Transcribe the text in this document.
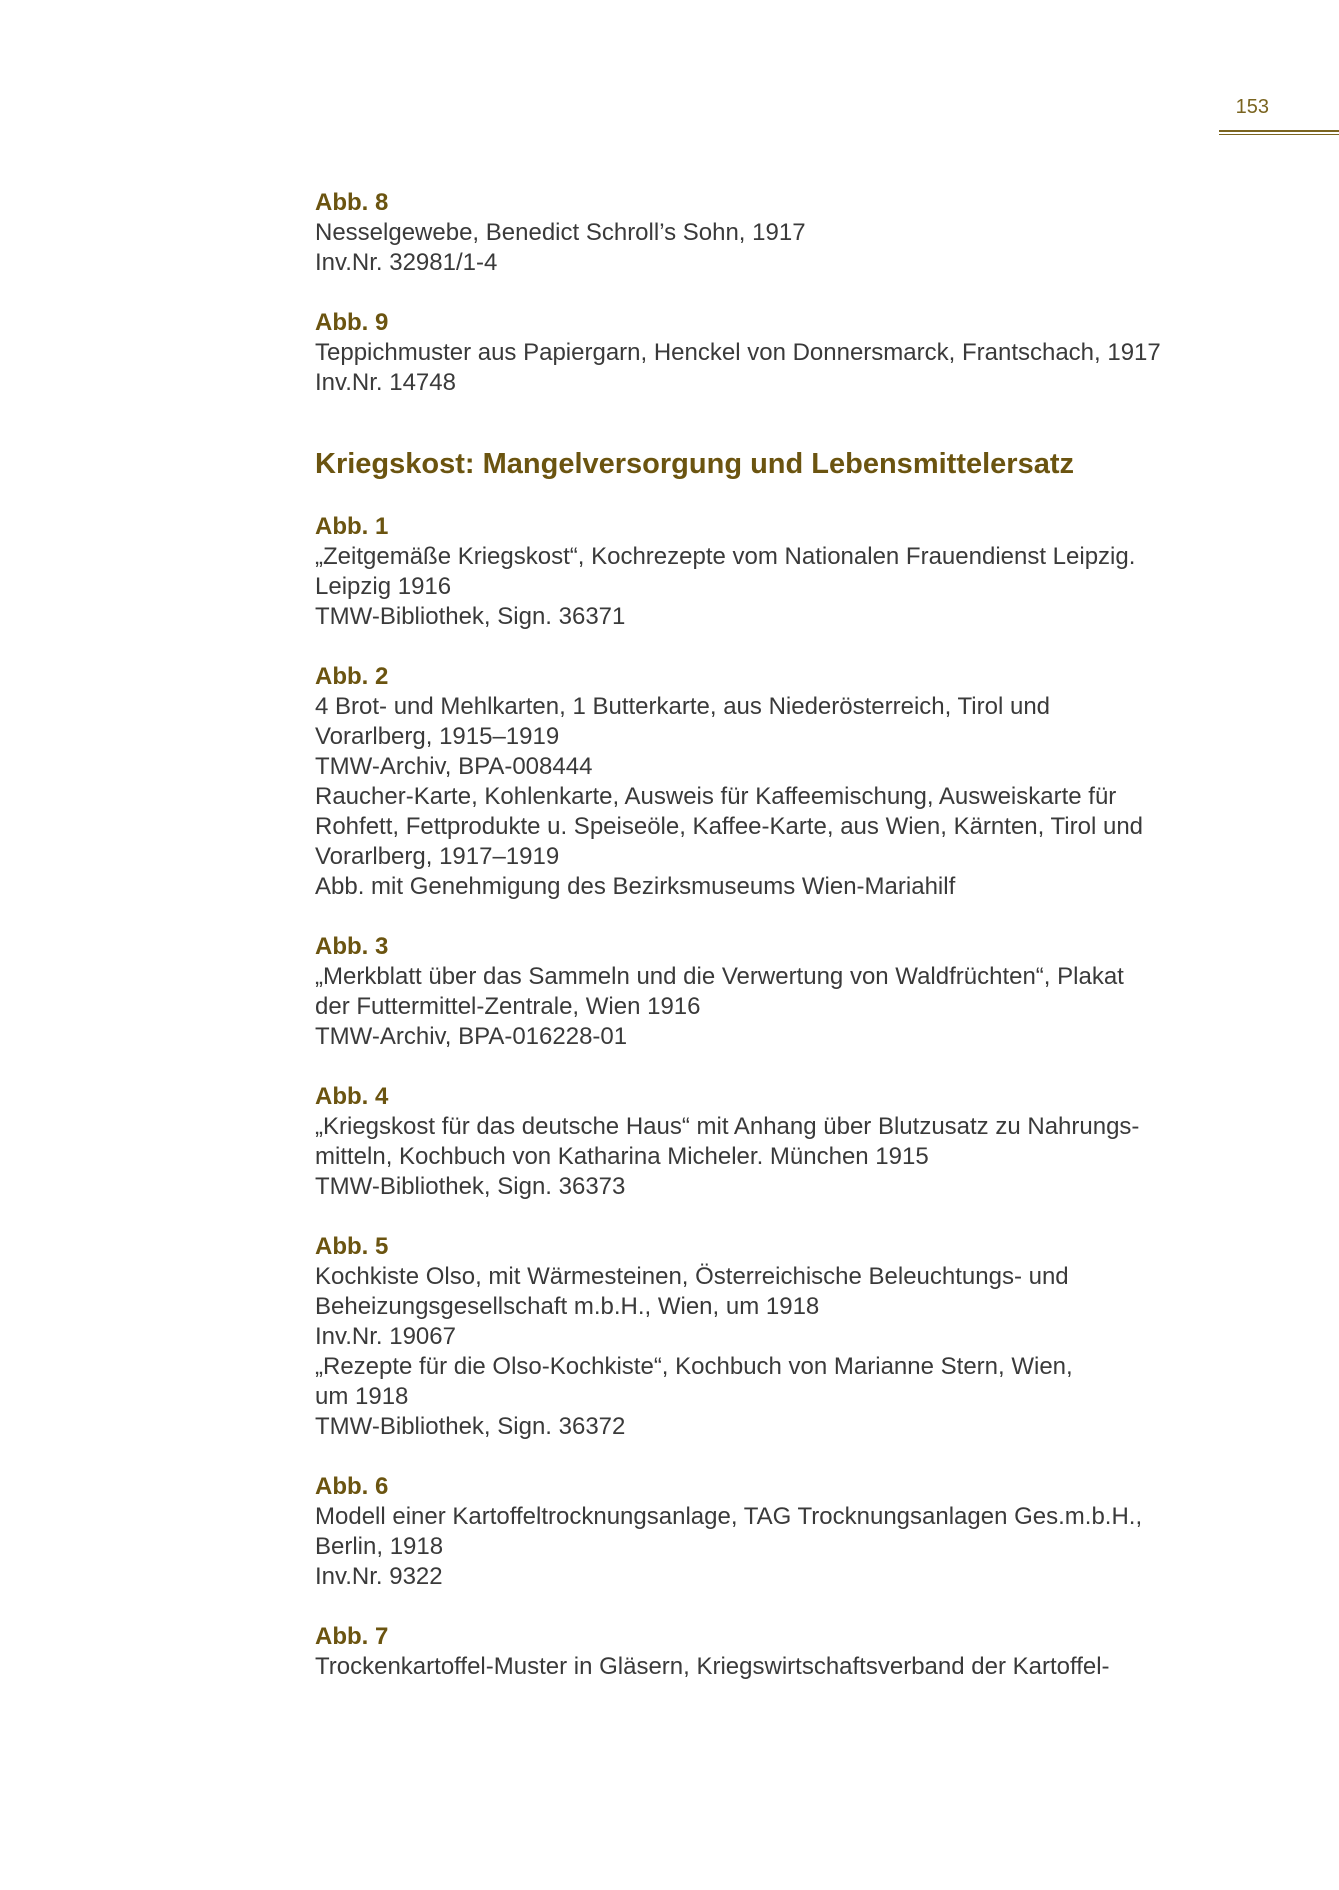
153
Abb. 8
Nesselgewebe, Benedict Schroll’s Sohn, 1917
Inv.Nr. 32981/1-4
Abb. 9
Teppichmuster aus Papiergarn, Henckel von Donnersmarck, Frantschach, 1917
Inv.Nr. 14748
Kriegskost: Mangelversorgung und Lebensmittelersatz
Abb. 1
„Zeitgemäße Kriegskost“, Kochrezepte vom Nationalen Frauendienst Leipzig.
Leipzig 1916
TMW-Bibliothek, Sign. 36371
Abb. 2
4 Brot- und Mehlkarten, 1 Butterkarte, aus Niederösterreich, Tirol und
Vorarlberg, 1915–1919
TMW-Archiv, BPA-008444
Raucher-Karte, Kohlenkarte, Ausweis für Kaffeemischung, Ausweiskarte für
Rohfett, Fettprodukte u. Speiseöle, Kaffee-Karte, aus Wien, Kärnten, Tirol und
Vorarlberg, 1917–1919
Abb. mit Genehmigung des Bezirksmuseums Wien-Mariahilf
Abb. 3
„Merkblatt über das Sammeln und die Verwertung von Waldfrüchten“, Plakat
der Futtermittel-Zentrale, Wien 1916
TMW-Archiv, BPA-016228-01
Abb. 4
„Kriegskost für das deutsche Haus“ mit Anhang über Blutzusatz zu Nahrungs-
mitteln, Kochbuch von Katharina Micheler. München 1915
TMW-Bibliothek, Sign. 36373
Abb. 5
Kochkiste Olso, mit Wärmesteinen, Österreichische Beleuchtungs- und
Beheizungsgesellschaft m.b.H., Wien, um 1918
Inv.Nr. 19067
„Rezepte für die Olso-Kochkiste“, Kochbuch von Marianne Stern, Wien,
um 1918
TMW-Bibliothek, Sign. 36372
Abb. 6
Modell einer Kartoffeltrocknungsanlage, TAG Trocknungsanlagen Ges.m.b.H.,
Berlin, 1918
Inv.Nr. 9322
Abb. 7
Trockenkartoffel-Muster in Gläsern, Kriegswirtschaftsverband der Kartoffel-
